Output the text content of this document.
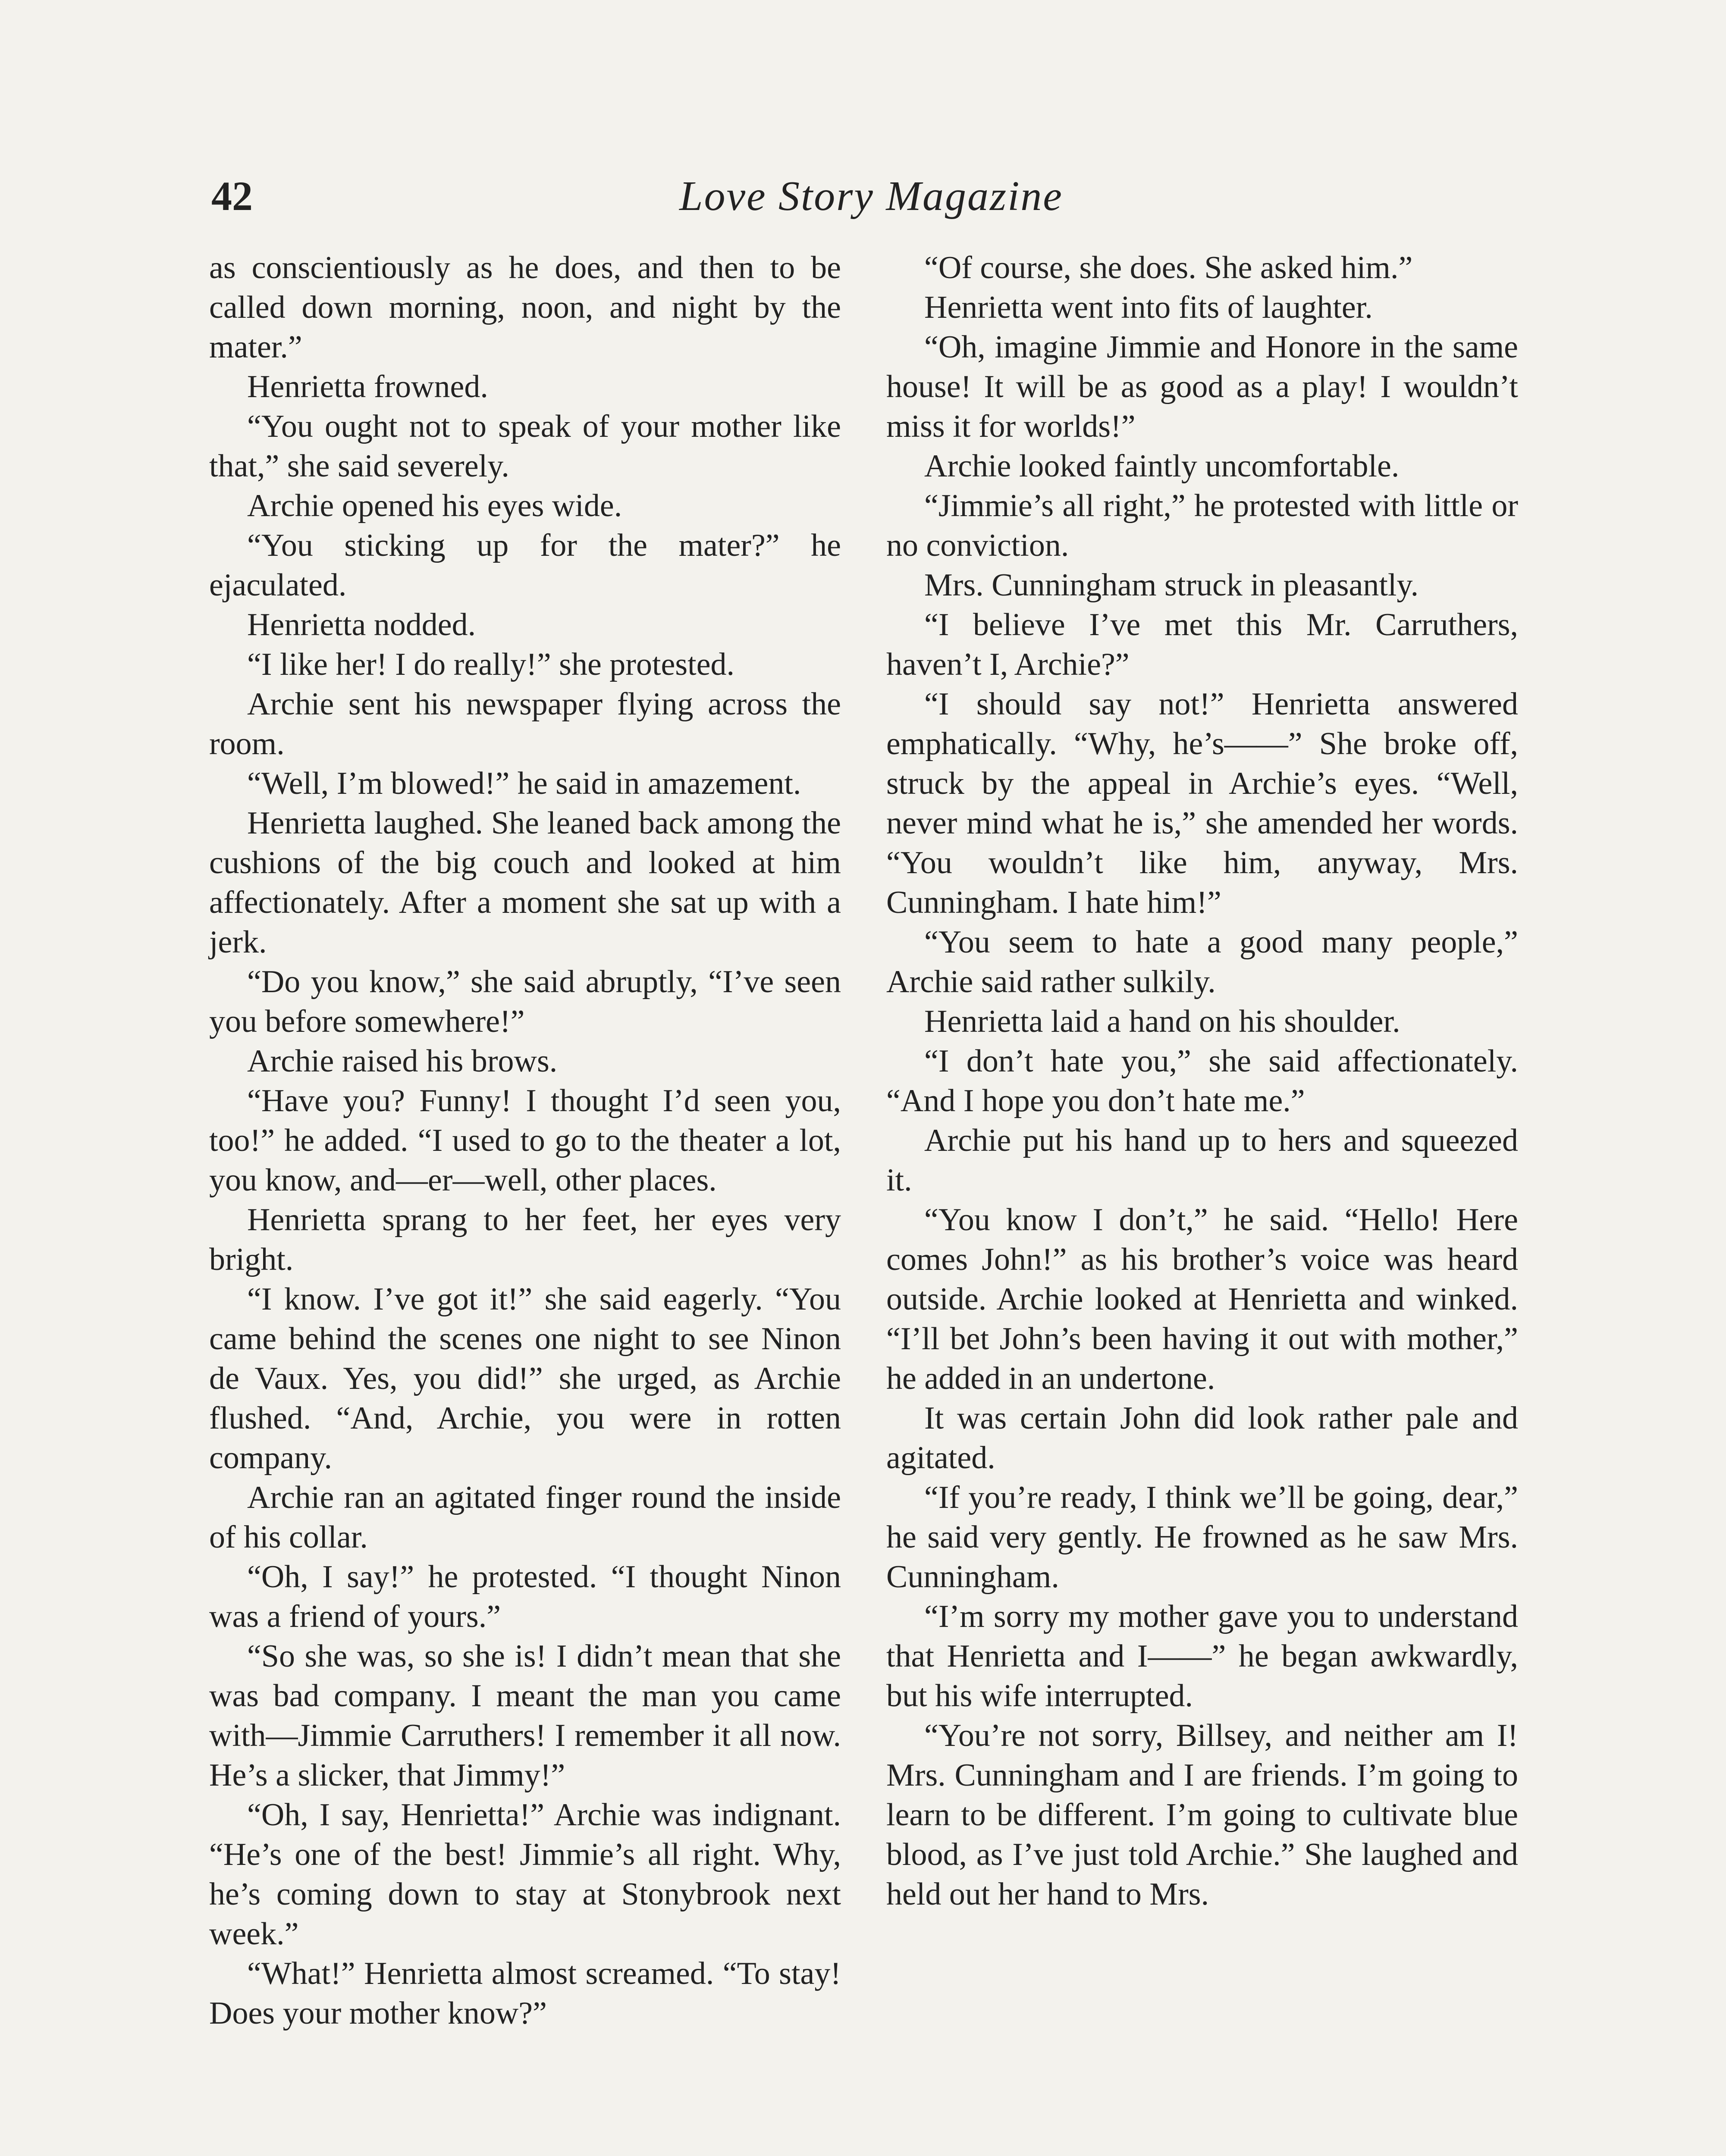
42	Love Story Magazine

as conscientiously as he does, and then to be called down morning, noon, and night by the mater.”

Henrietta frowned.

“You ought not to speak of your mother like that,” she said severely.

Archie opened his eyes wide.

“You sticking up for the mater?” he ejaculated.

Henrietta nodded.

“I like her! I do really!” she protested.

Archie sent his newspaper flying across the room.

“Well, I’m blowed!” he said in amazement.

Henrietta laughed. She leaned back among the cushions of the big couch and looked at him affectionately. After a moment she sat up with a jerk.

“Do you know,” she said abruptly, “I’ve seen you before somewhere!”

Archie raised his brows.

“Have you? Funny! I thought I’d seen you, too!” he added. “I used to go to the theater a lot, you know, and—er—well, other places.

Henrietta sprang to her feet, her eyes very bright.

“I know. I’ve got it!” she said eagerly. “You came behind the scenes one night to see Ninon de Vaux. Yes, you did!” she urged, as Archie flushed. “And, Archie, you were in rotten company.

Archie ran an agitated finger round the inside of his collar.

“Oh, I say!” he protested. “I thought Ninon was a friend of yours.”

“So she was, so she is! I didn’t mean that she was bad company. I meant the man you came with—Jimmie Carruthers! I remember it all now. He’s a slicker, that Jimmy!”

“Oh, I say, Henrietta!” Archie was indignant. “He’s one of the best! Jimmie’s all right. Why, he’s coming down to stay at Stonybrook next week.”

“What!” Henrietta almost screamed. “To stay! Does your mother know?”

“Of course, she does. She asked him.”

Henrietta went into fits of laughter.

“Oh, imagine Jimmie and Honore in the same house! It will be as good as a play! I wouldn’t miss it for worlds!”

Archie looked faintly uncomfortable.

“Jimmie’s all right,” he protested with little or no conviction.

Mrs. Cunningham struck in pleasantly.

“I believe I’ve met this Mr. Carruthers, haven’t I, Archie?”

“I should say not!” Henrietta answered emphatically. “Why, he’s——” She broke off, struck by the appeal in Archie’s eyes. “Well, never mind what he is,” she amended her words. “You wouldn’t like him, anyway, Mrs. Cunningham. I hate him!”

“You seem to hate a good many people,” Archie said rather sulkily.

Henrietta laid a hand on his shoulder.

“I don’t hate you,” she said affectionately. “And I hope you don’t hate me.”

Archie put his hand up to hers and squeezed it.

“You know I don’t,” he said. “Hello! Here comes John!” as his brother’s voice was heard outside. Archie looked at Henrietta and winked. “I’ll bet John’s been having it out with mother,” he added in an undertone.

It was certain John did look rather pale and agitated.

“If you’re ready, I think we’ll be going, dear,” he said very gently. He frowned as he saw Mrs. Cunningham.

“I’m sorry my mother gave you to understand that Henrietta and I——” he began awkwardly, but his wife interrupted.

“You’re not sorry, Billsey, and neither am I! Mrs. Cunningham and I are friends. I’m going to learn to be different. I’m going to cultivate blue blood, as I’ve just told Archie.” She laughed and held out her hand to Mrs.
